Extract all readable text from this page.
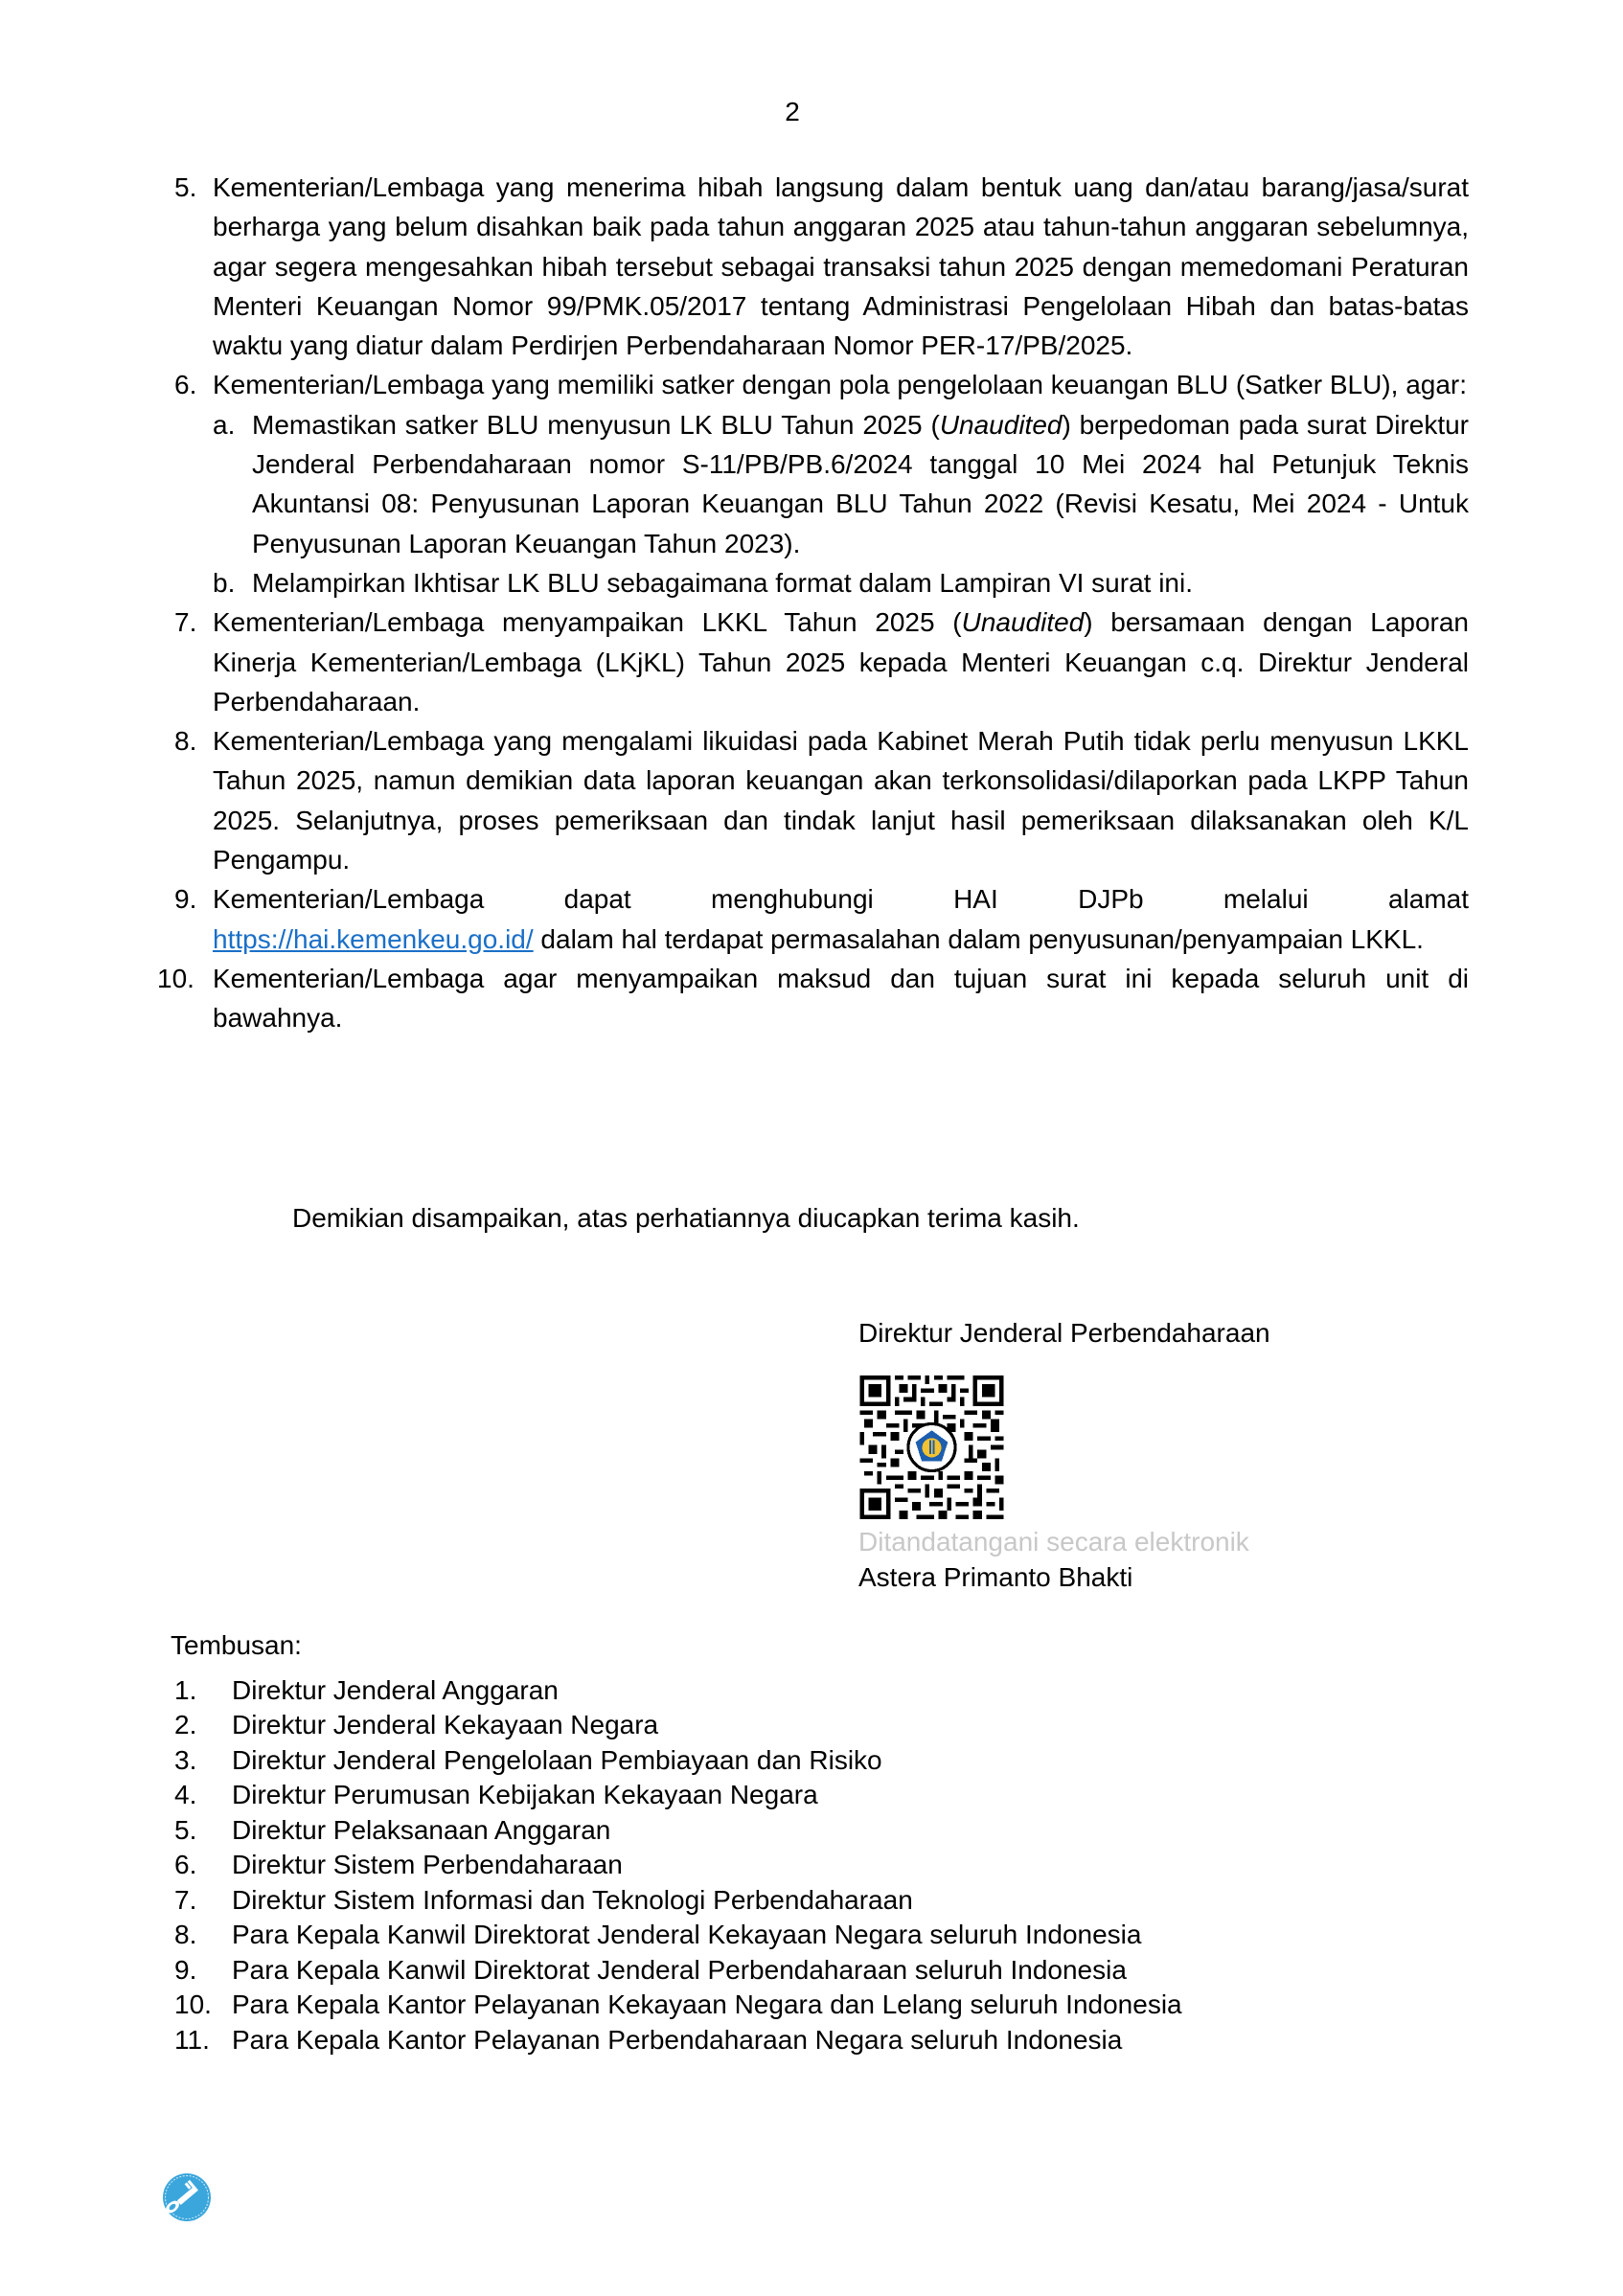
2
5. Kementerian/Lembaga yang menerima hibah langsung dalam bentuk uang dan/atau barang/jasa/surat berharga yang belum disahkan baik pada tahun anggaran 2025 atau tahun-tahun anggaran sebelumnya, agar segera mengesahkan hibah tersebut sebagai transaksi tahun 2025 dengan memedomani Peraturan Menteri Keuangan Nomor 99/PMK.05/2017 tentang Administrasi Pengelolaan Hibah dan batas-batas waktu yang diatur dalam Perdirjen Perbendaharaan Nomor PER-17/PB/2025.
6. Kementerian/Lembaga yang memiliki satker dengan pola pengelolaan keuangan BLU (Satker BLU), agar:
a. Memastikan satker BLU menyusun LK BLU Tahun 2025 (Unaudited) berpedoman pada surat Direktur Jenderal Perbendaharaan nomor S-11/PB/PB.6/2024 tanggal 10 Mei 2024 hal Petunjuk Teknis Akuntansi 08: Penyusunan Laporan Keuangan BLU Tahun 2022 (Revisi Kesatu, Mei 2024 - Untuk Penyusunan Laporan Keuangan Tahun 2023).
b. Melampirkan Ikhtisar LK BLU sebagaimana format dalam Lampiran VI surat ini.
7. Kementerian/Lembaga menyampaikan LKKL Tahun 2025 (Unaudited) bersamaan dengan Laporan Kinerja Kementerian/Lembaga (LKjKL) Tahun 2025 kepada Menteri Keuangan c.q. Direktur Jenderal Perbendaharaan.
8. Kementerian/Lembaga yang mengalami likuidasi pada Kabinet Merah Putih tidak perlu menyusun LKKL Tahun 2025, namun demikian data laporan keuangan akan terkonsolidasi/dilaporkan pada LKPP Tahun 2025. Selanjutnya, proses pemeriksaan dan tindak lanjut hasil pemeriksaan dilaksanakan oleh K/L Pengampu.
9. Kementerian/Lembaga dapat menghubungi HAI DJPb melalui alamat
https://hai.kemenkeu.go.id/ dalam hal terdapat permasalahan dalam penyusunan/penyampaian LKKL.
10. Kementerian/Lembaga agar menyampaikan maksud dan tujuan surat ini kepada seluruh unit di bawahnya.
Demikian disampaikan, atas perhatiannya diucapkan terima kasih.
Direktur Jenderal Perbendaharaan
Ditandatangani secara elektronik
Astera Primanto Bhakti
Tembusan:
1. Direktur Jenderal Anggaran
2. Direktur Jenderal Kekayaan Negara
3. Direktur Jenderal Pengelolaan Pembiayaan dan Risiko
4. Direktur Perumusan Kebijakan Kekayaan Negara
5. Direktur Pelaksanaan Anggaran
6. Direktur Sistem Perbendaharaan
7. Direktur Sistem Informasi dan Teknologi Perbendaharaan
8. Para Kepala Kanwil Direktorat Jenderal Kekayaan Negara seluruh Indonesia
9. Para Kepala Kanwil Direktorat Jenderal Perbendaharaan seluruh Indonesia
10. Para Kepala Kantor Pelayanan Kekayaan Negara dan Lelang seluruh Indonesia
11. Para Kepala Kantor Pelayanan Perbendaharaan Negara seluruh Indonesia
